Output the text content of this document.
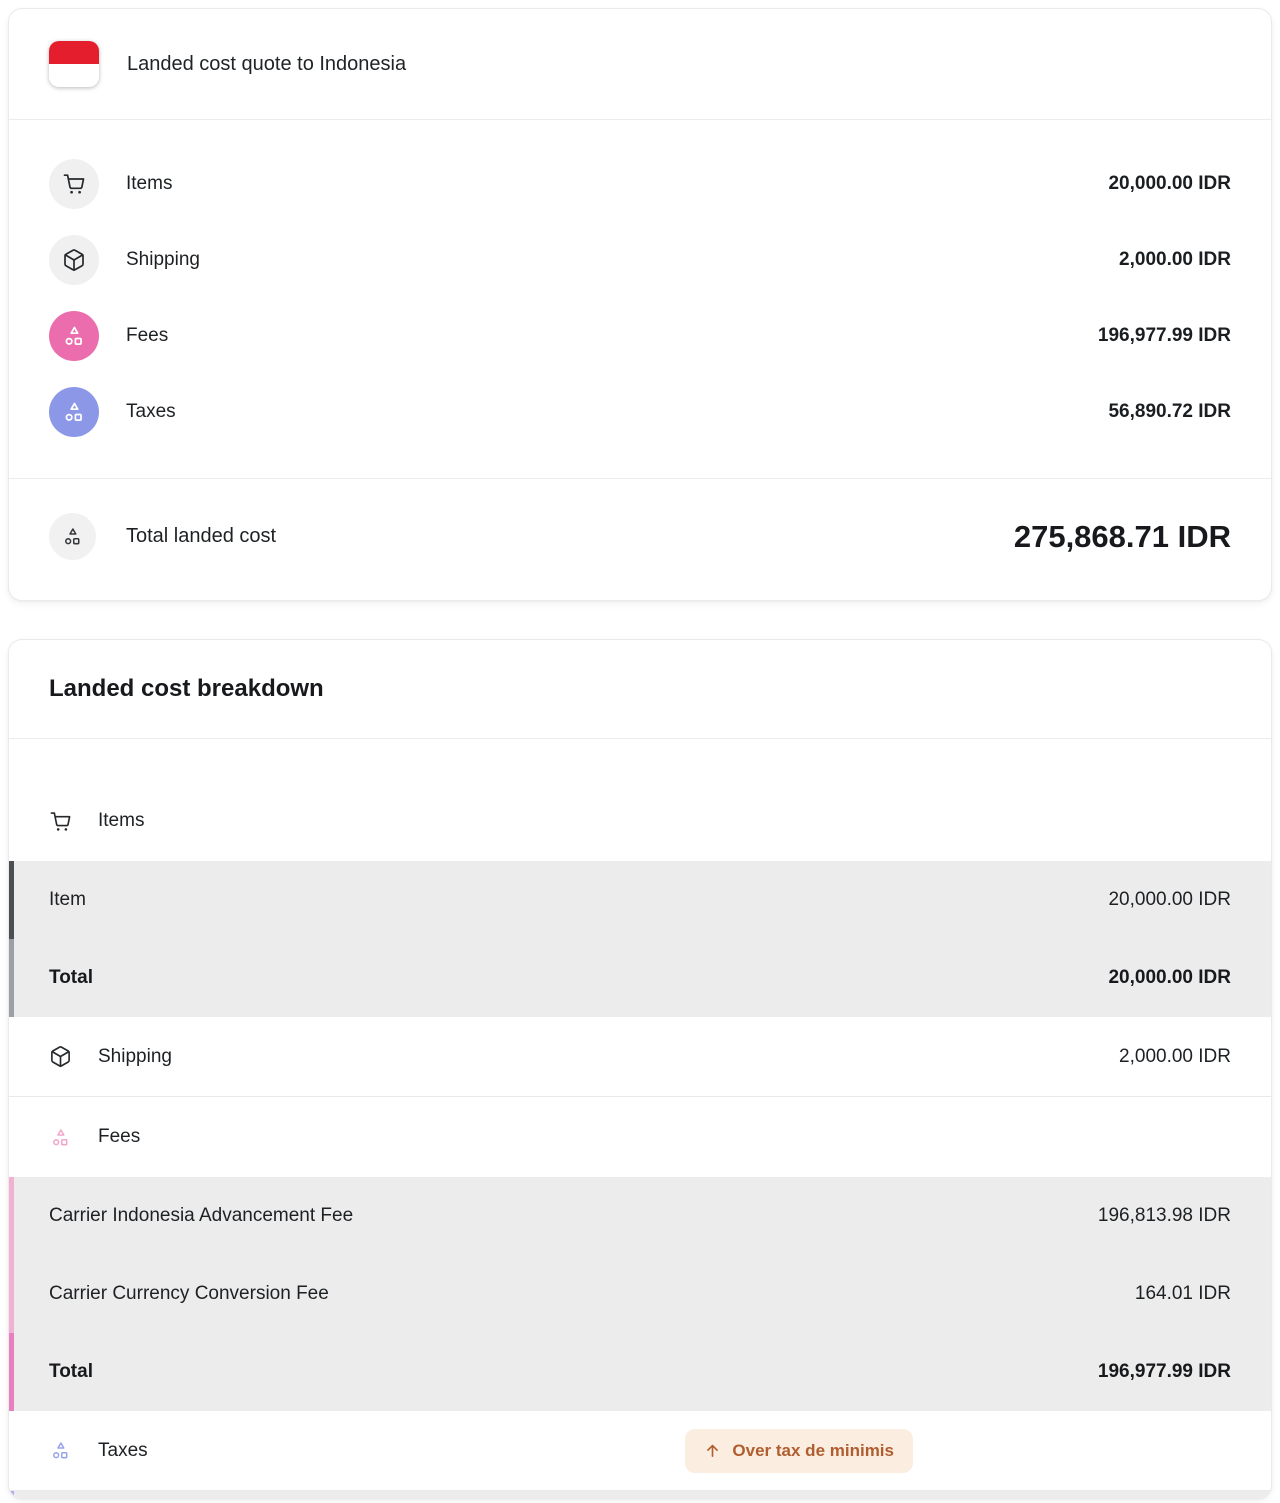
Landed cost quote to Indonesia
Items	20,000.00 IDR
Shipping	2,000.00 IDR
Fees	196,977.99 IDR
Taxes	56,890.72 IDR
Total landed cost	275,868.71 IDR
Landed cost breakdown
Items
Item	20,000.00 IDR
Total	20,000.00 IDR
Shipping	2,000.00 IDR
Fees
Carrier Indonesia Advancement Fee	196,813.98 IDR
Carrier Currency Conversion Fee	164.01 IDR
Total	196,977.99 IDR
Taxes	Over tax de minimis
